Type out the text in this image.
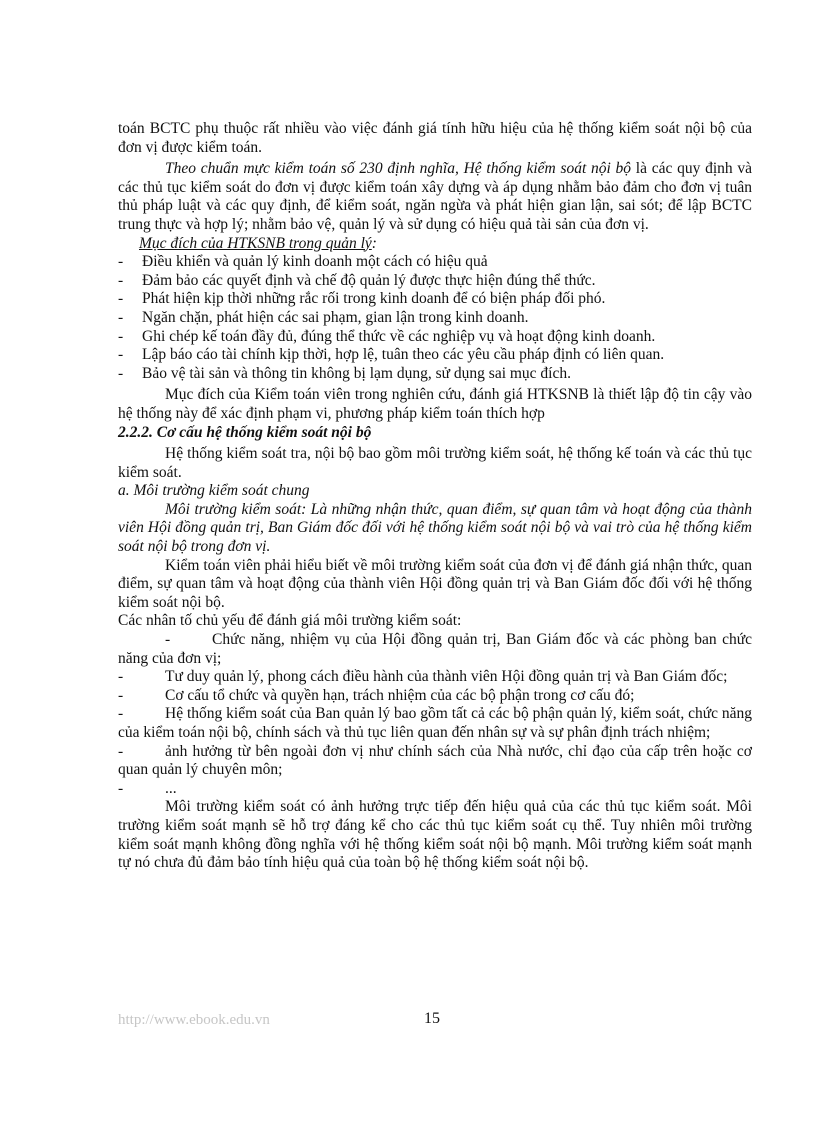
toán BCTC phụ thuộc rất nhiều vào việc đánh giá tính hữu hiệu của hệ thống kiểm soát nội bộ của đơn vị được kiểm toán.

Theo chuẩn mực kiểm toán số 230 định nghĩa, Hệ thống kiểm soát nội bộ là các quy định và các thủ tục kiểm soát do đơn vị được kiểm toán xây dựng và áp dụng nhằm bảo đảm cho đơn vị tuân thủ pháp luật và các quy định, để kiểm soát, ngăn ngừa và phát hiện gian lận, sai sót; để lập BCTC trung thực và hợp lý; nhằm bảo vệ, quản lý và sử dụng có hiệu quả tài sản của đơn vị.

Mục đích của HTKSNB trong quản lý:

- Điều khiển và quản lý kinh doanh một cách có hiệu quả
- Đảm bảo các quyết định và chế độ quản lý được thực hiện đúng thể thức.
- Phát hiện kịp thời những rắc rối trong kinh doanh để có biện pháp đối phó.
- Ngăn chặn, phát hiện các sai phạm, gian lận trong kinh doanh.
- Ghi chép kế toán đầy đủ, đúng thể thức về các nghiệp vụ và hoạt động kinh doanh.
- Lập báo cáo tài chính kịp thời, hợp lệ, tuân theo các yêu cầu pháp định có liên quan.
- Bảo vệ tài sản và thông tin không bị lạm dụng, sử dụng sai mục đích.

Mục đích của Kiểm toán viên trong nghiên cứu, đánh giá HTKSNB là thiết lập độ tin cậy vào hệ thống này để xác định phạm vi, phương pháp kiểm toán thích hợp

2.2.2. Cơ cấu hệ thống kiểm soát nội bộ

Hệ thống kiểm soát tra, nội bộ bao gồm môi trường kiểm soát, hệ thống kế toán và các thủ tục kiểm soát.

a. Môi trường kiểm soát chung

Môi trường kiểm soát: Là những nhận thức, quan điểm, sự quan tâm và hoạt động của thành viên Hội đồng quản trị, Ban Giám đốc đối với hệ thống kiểm soát nội bộ và vai trò của hệ thống kiểm soát nội bộ trong đơn vị.

Kiểm toán viên phải hiểu biết về môi trường kiểm soát của đơn vị để đánh giá nhận thức, quan điểm, sự quan tâm và hoạt động của thành viên Hội đồng quản trị và Ban Giám đốc đối với hệ thống kiểm soát nội bộ.

Các nhân tố chủ yếu để đánh giá môi trường kiểm soát:

-	Chức năng, nhiệm vụ của Hội đồng quản trị, Ban Giám đốc và các phòng ban chức năng của đơn vị;

-	Tư duy quản lý, phong cách điều hành của thành viên Hội đồng quản trị và Ban Giám đốc;

-	Cơ cấu tổ chức và quyền hạn, trách nhiệm của các bộ phận trong cơ cấu đó;

-	Hệ thống kiểm soát của Ban quản lý bao gồm tất cả các bộ phận quản lý, kiểm soát, chức năng của kiểm toán nội bộ, chính sách và thủ tục liên quan đến nhân sự và sự phân định trách nhiệm;

-	ảnh hưởng từ bên ngoài đơn vị như chính sách của Nhà nước, chỉ đạo của cấp trên hoặc cơ quan quản lý chuyên môn;

-	...

Môi trường kiểm soát có ảnh hưởng trực tiếp đến hiệu quả của các thủ tục kiểm soát. Môi trường kiểm soát mạnh sẽ hỗ trợ đáng kể cho các thủ tục kiểm soát cụ thể. Tuy nhiên môi trường kiểm soát mạnh không đồng nghĩa với hệ thống kiểm soát nội bộ mạnh. Môi trường kiểm soát mạnh tự nó chưa đủ đảm bảo tính hiệu quả của toàn bộ hệ thống kiểm soát nội bộ.

http://www.ebook.edu.vn	15
